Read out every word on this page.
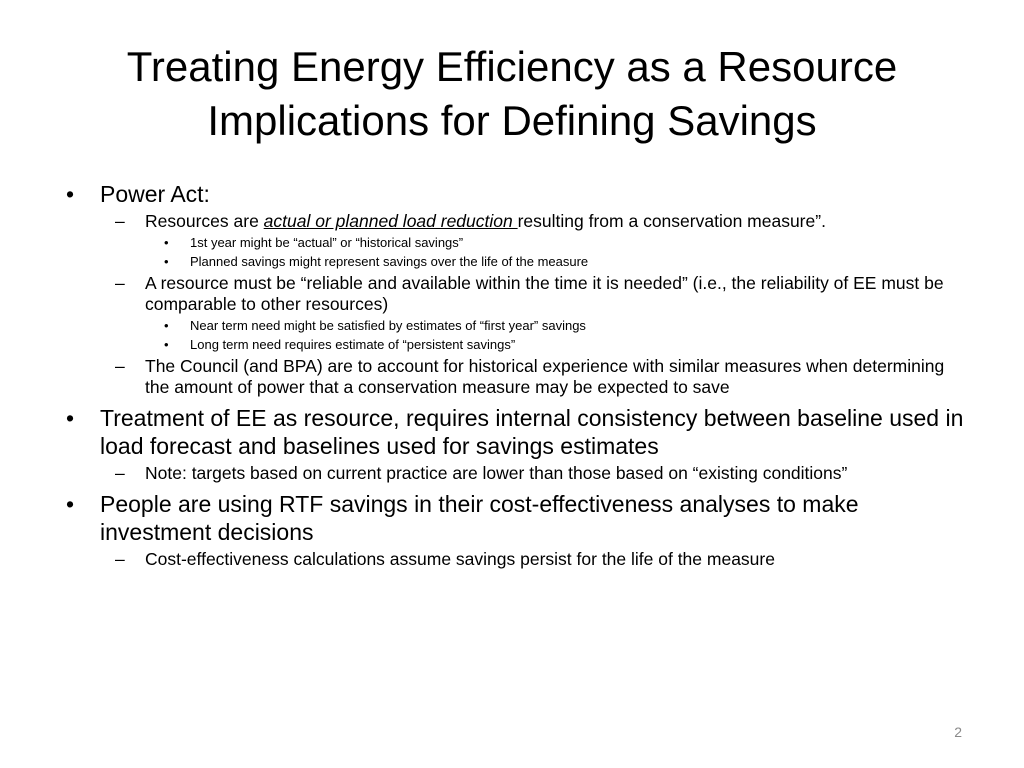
Treating Energy Efficiency as a Resource
Implications for Defining Savings
• Power Act:
– Resources are actual or planned load reduction resulting from a conservation measure”.
• 1st year might be “actual” or “historical savings”
• Planned savings might represent savings over the life of the measure
– A resource must be “reliable and available within the time it is needed” (i.e., the reliability of EE must be comparable to other resources)
• Near term need might be satisfied by estimates of “first year” savings
• Long term need requires estimate of “persistent savings”
– The Council (and BPA) are to account for historical experience with similar measures when determining the amount of power that a conservation measure may be expected to save
• Treatment of EE as resource, requires internal consistency between baseline used in load forecast and baselines used for savings estimates
– Note: targets based on current practice are lower than those based on “existing conditions”
• People are using RTF savings in their cost-effectiveness analyses to make investment decisions
– Cost-effectiveness calculations assume savings persist for the life of the measure
2
